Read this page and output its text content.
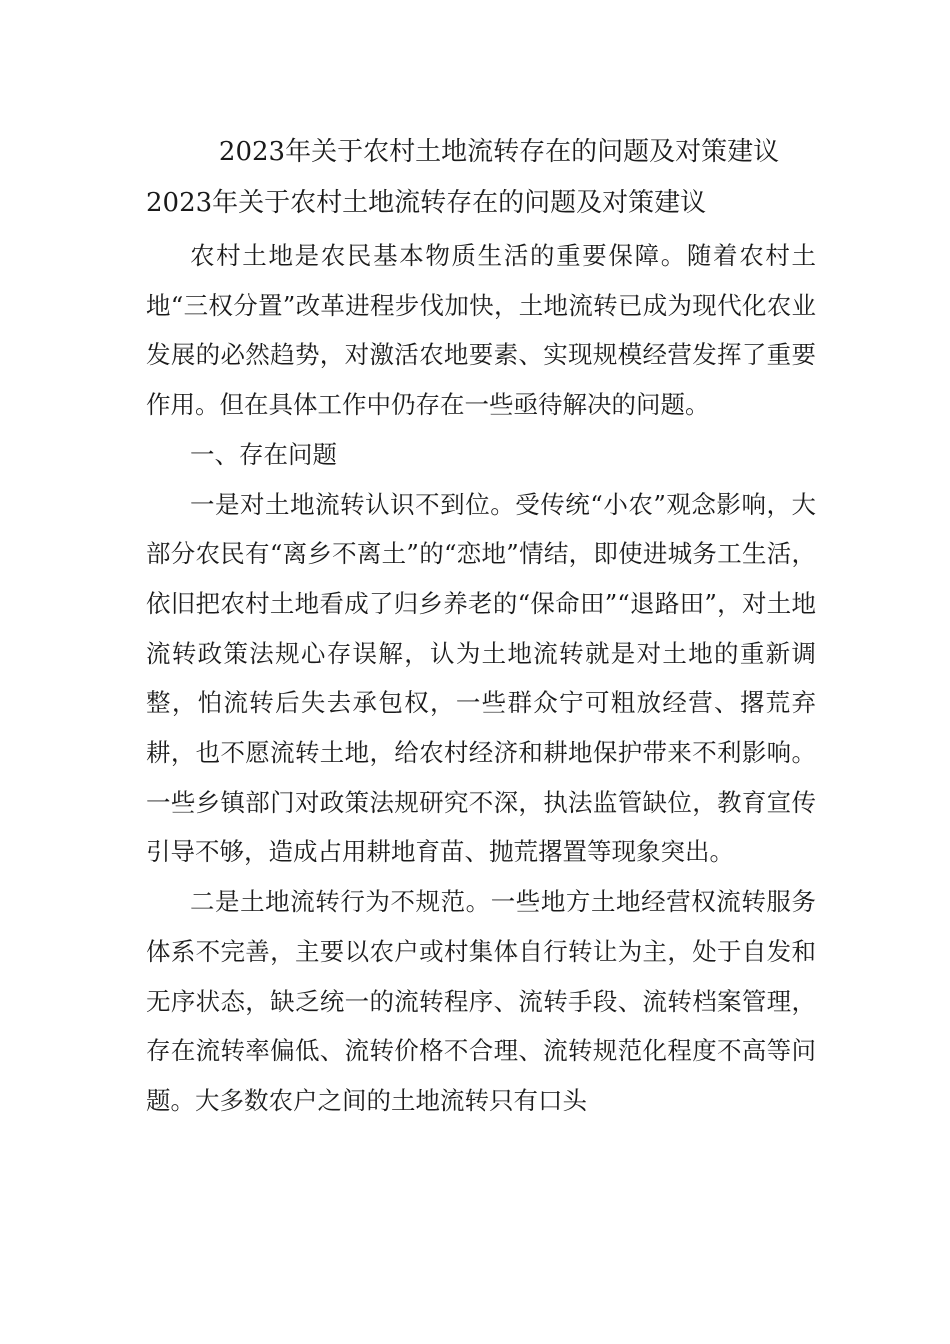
2023年关于农村土地流转存在的问题及对策建议
2023年关于农村土地流转存在的问题及对策建议

农村土地是农民基本物质生活的重要保障。随着农村土地“三权分置”改革进程步伐加快，土地流转已成为现代化农业发展的必然趋势，对激活农地要素、实现规模经营发挥了重要作用。但在具体工作中仍存在一些亟待解决的问题。

一、存在问题

一是对土地流转认识不到位。受传统“小农”观念影响，大部分农民有“离乡不离土”的“恋地”情结，即使进城务工生活，依旧把农村土地看成了归乡养老的“保命田”“退路田”，对土地流转政策法规心存误解，认为土地流转就是对土地的重新调整，怕流转后失去承包权，一些群众宁可粗放经营、撂荒弃耕，也不愿流转土地，给农村经济和耕地保护带来不利影响。一些乡镇部门对政策法规研究不深，执法监管缺位，教育宣传引导不够，造成占用耕地育苗、抛荒撂置等现象突出。

二是土地流转行为不规范。一些地方土地经营权流转服务体系不完善，主要以农户或村集体自行转让为主，处于自发和无序状态，缺乏统一的流转程序、流转手段、流转档案管理，存在流转率偏低、流转价格不合理、流转规范化程度不高等问题。大多数农户之间的土地流转只有口头
